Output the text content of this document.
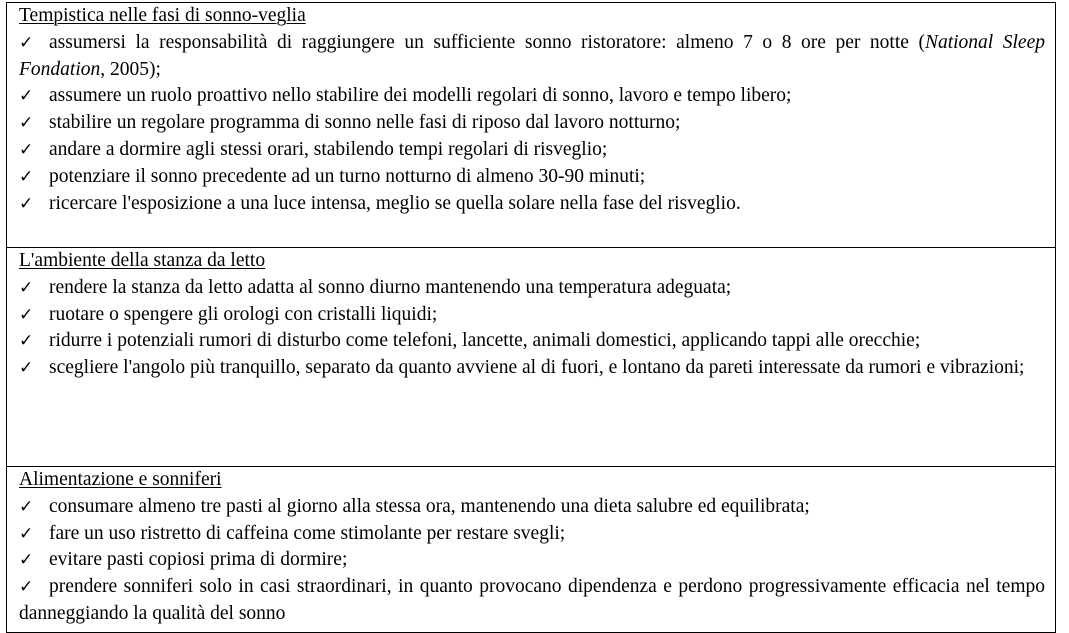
Tempistica nelle fasi di sonno-veglia
✓ assumersi la responsabilità di raggiungere un sufficiente sonno ristoratore: almeno 7 o 8 ore per notte (National Sleep Fondation, 2005);
✓ assumere un ruolo proattivo nello stabilire dei modelli regolari di sonno, lavoro e tempo libero;
✓ stabilire un regolare programma di sonno nelle fasi di riposo dal lavoro notturno;
✓ andare a dormire agli stessi orari, stabilendo tempi regolari di risveglio;
✓ potenziare il sonno precedente ad un turno notturno di almeno 30-90 minuti;
✓ ricercare l'esposizione a una luce intensa, meglio se quella solare nella fase del risveglio.
L'ambiente della stanza da letto
✓ rendere la stanza da letto adatta al sonno diurno mantenendo una temperatura adeguata;
✓ ruotare o spengere gli orologi con cristalli liquidi;
✓ ridurre i potenziali rumori di disturbo come telefoni, lancette, animali domestici, applicando tappi alle orecchie;
✓ scegliere l'angolo più tranquillo, separato da quanto avviene al di fuori, e lontano da pareti interessate da rumori e vibrazioni;
Alimentazione e sonniferi
✓ consumare almeno tre pasti al giorno alla stessa ora, mantenendo una dieta salubre ed equilibrata;
✓ fare un uso ristretto di caffeina come stimolante per restare svegli;
✓ evitare pasti copiosi prima di dormire;
✓ prendere sonniferi solo in casi straordinari, in quanto provocano dipendenza e perdono progressivamente efficacia nel tempo danneggiando la qualità del sonno
